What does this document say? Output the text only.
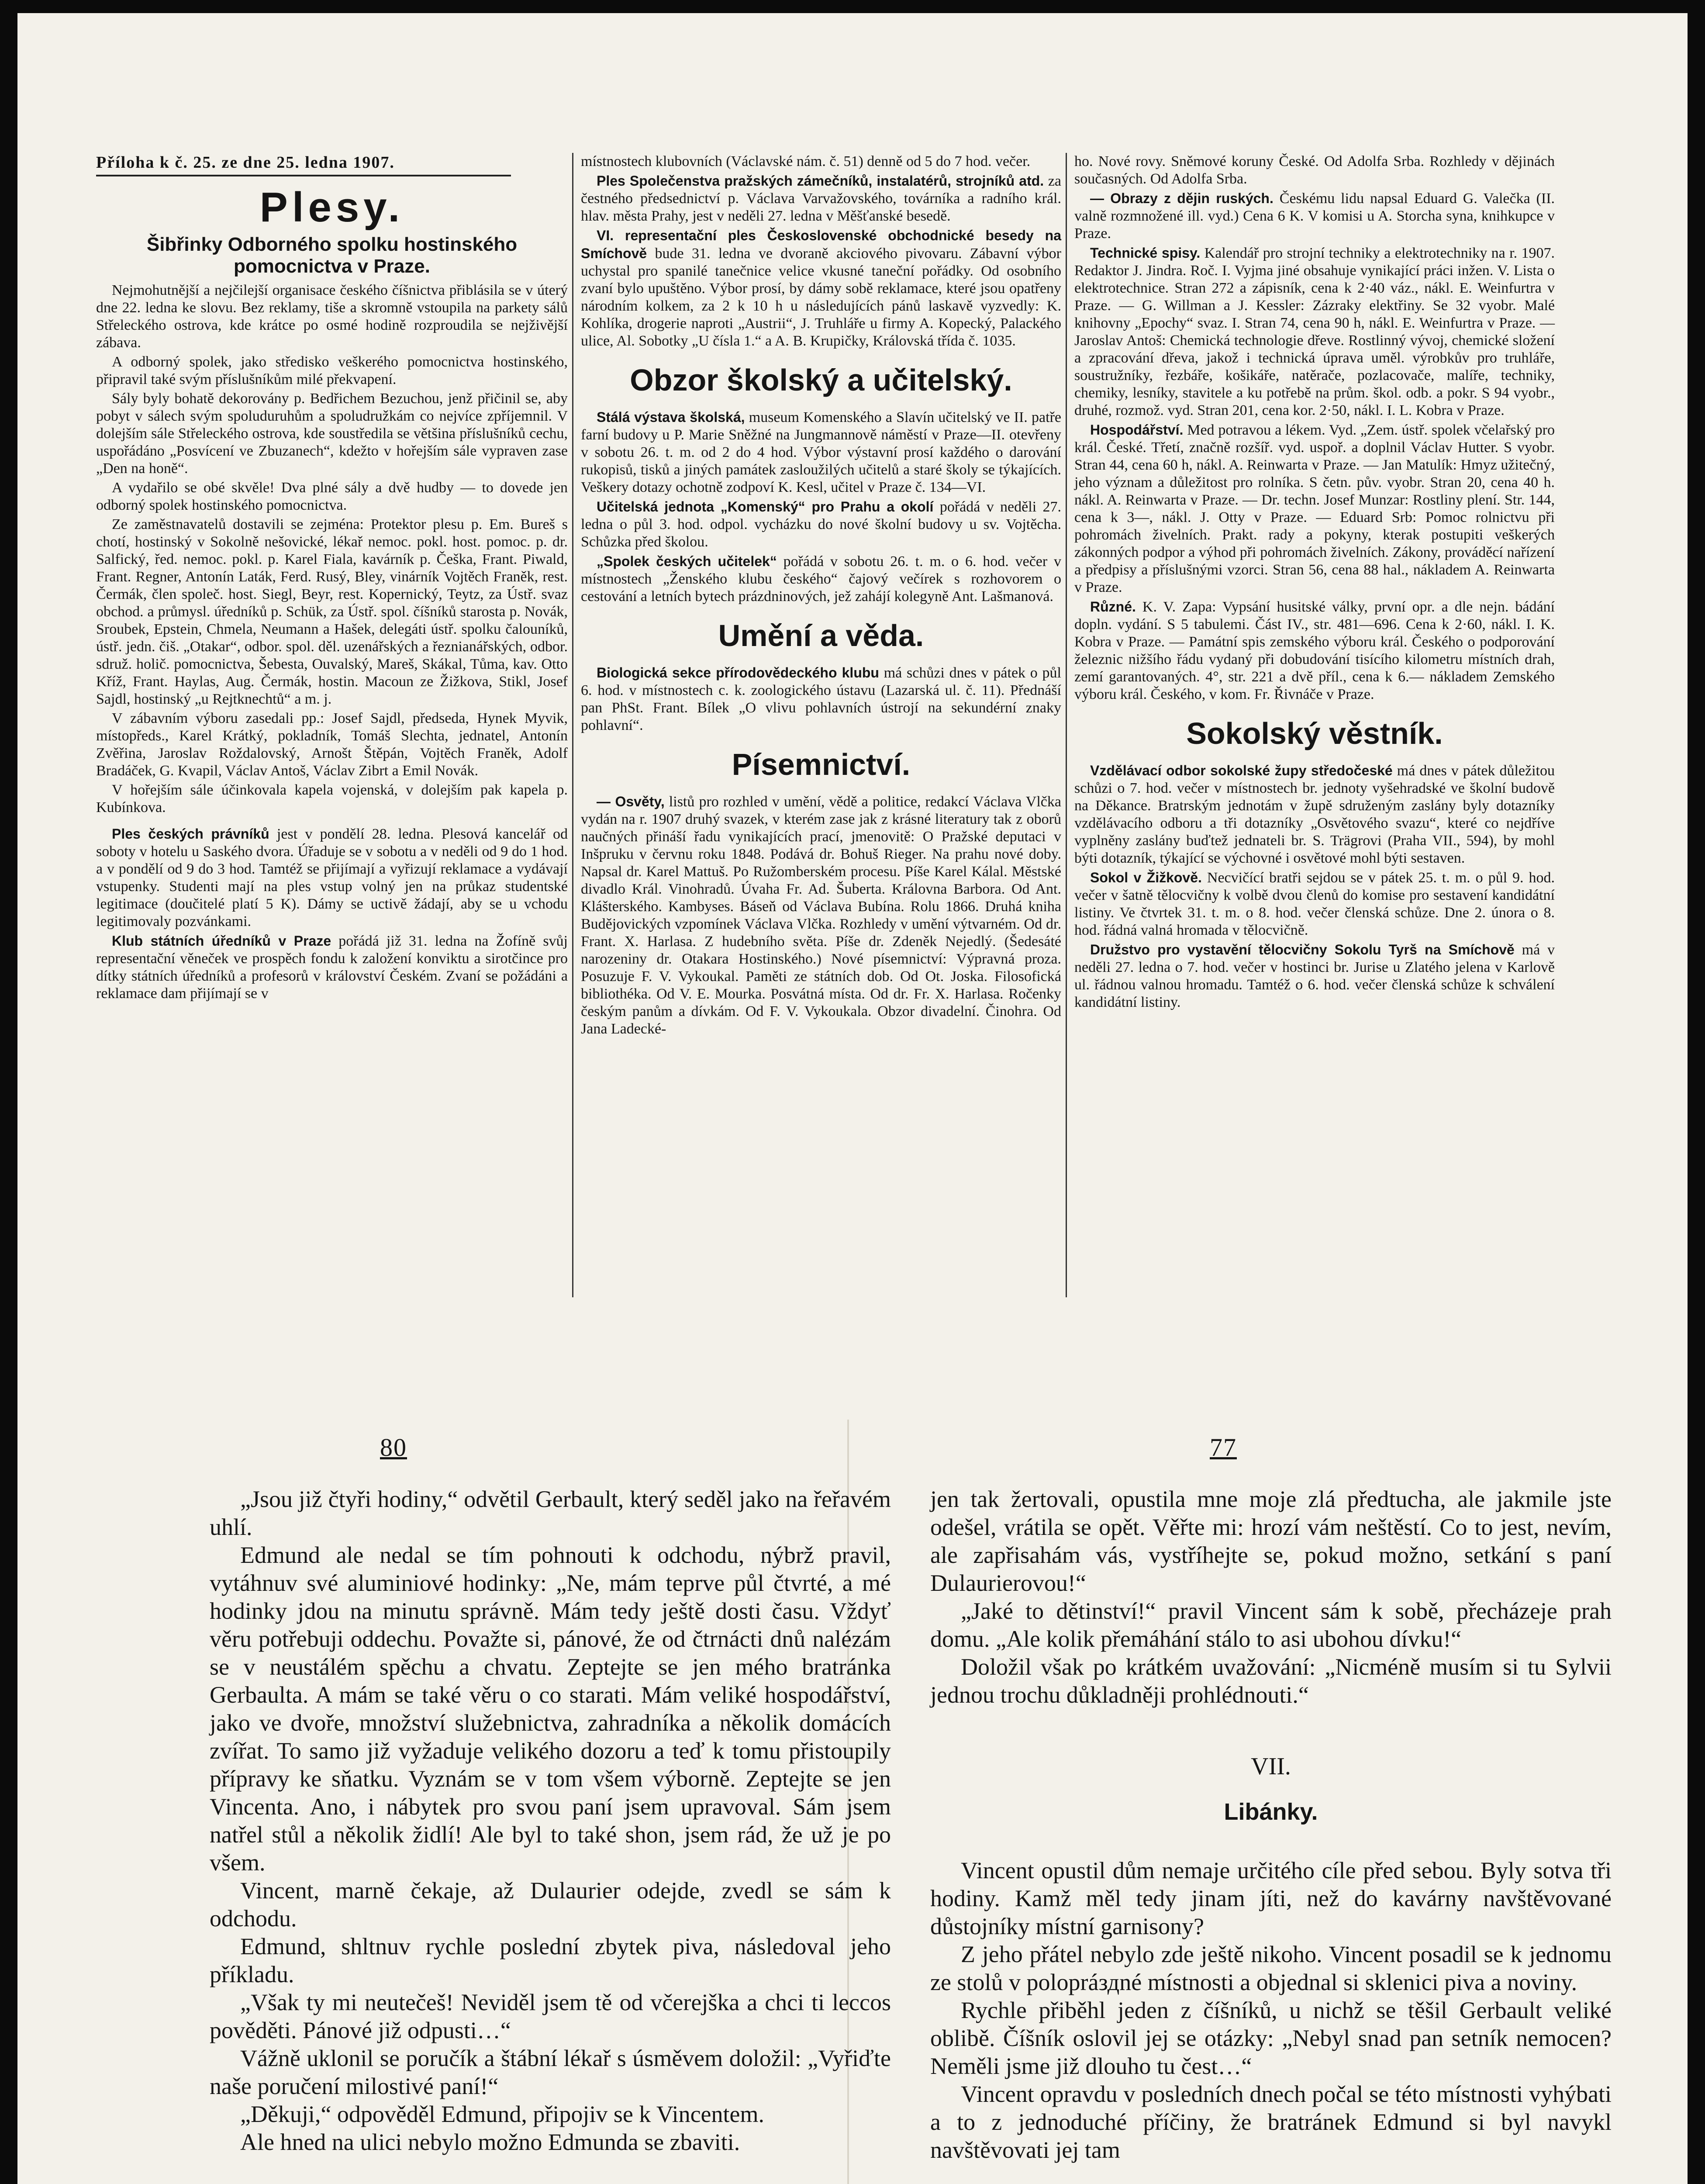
Příloha k č. 25. ze dne 25. ledna 1907.
Plesy.
Šibřinky Odborného spolku hostinského pomocnictva v Praze.

Nejmohutnější a nejčilejší organisace českého číšnictva přiblásila se v úterý dne 22. ledna ke slovu. Bez reklamy, tiše a skromně vstoupila na parkety sálů Střeleckého ostrova, kde krátce po osmé hodině rozproudila se nejživější zábava.

A odborný spolek, jako středisko veškerého pomocnictva hostinského, připravil také svým příslušníkům milé překvapení.

Sály byly bohatě dekorovány p. Bedřichem Bezuchou, jenž přičinil se, aby pobyt v sálech svým spoluduruhům a spoludružkám co nejvíce zpříjemnil. V dolejším sále Střeleckého ostrova, kde soustředila se většina příslušníků cechu, uspořádáno „Posvícení ve Zbuzanech“, kdežto v hořejším sále vypraven zase „Den na honě“.

A vydařilo se obé skvěle! Dva plné sály a dvě hudby — to dovede jen odborný spolek hostinského pomocnictva.

Ze zaměstnavatelů dostavili se zejména: Protektor plesu p. Em. Bureš s chotí, hostinský v Sokolně nešovické, lékař nemoc. pokl. host. pomoc. p. dr. Salfický, řed. nemoc. pokl. p. Karel Fiala, kavárník p. Češka, Frant. Piwald, Frant. Regner, Antonín Laták, Ferd. Rusý, Bley, vinárník Vojtěch Franěk, rest. Čermák, člen společ. host. Siegl, Beyr, rest. Kopernický, Teytz, za Ústř. svaz obchod. a průmysl. úředníků p. Schük, za Ústř. spol. číšníků starosta p. Novák, Sroubek, Epstein, Chmela, Neumann a Hašek, delegáti ústř. spolku čalouníků, ústř. jedn. čiš. „Otakar“, odbor. spol. děl. uzenářských a řeznianářských, odbor. sdruž. holič. pomocnictva, Šebesta, Ouvalský, Mareš, Skákal, Tůma, kav. Otto Kříž, Frant. Haylas, Aug. Čermák, hostin. Macoun ze Žižkova, Stikl, Josef Sajdl, hostinský „u Rejtknechtů“ a m. j.

V zábavním výboru zasedali pp.: Josef Sajdl, předseda, Hynek Myvik, místopředs., Karel Krátký, pokladník, Tomáš Slechta, jednatel, Antonín Zvěřina, Jaroslav Roždalovský, Arnošt Štěpán, Vojtěch Franěk, Adolf Bradáček, G. Kvapil, Václav Antoš, Václav Zibrt a Emil Novák.

V hořejším sále účinkovala kapela vojenská, v dolejším pak kapela p. Kubínkova.

Ples českých právníků jest v pondělí 28. ledna. Plesová kancelář od soboty v hotelu u Saského dvora. Úřaduje se v sobotu a v neděli od 9 do 1 hod. a v pondělí od 9 do 3 hod. Tamtéž se přijímají a vyřizují reklamace a vydávají vstupenky. Studenti mají na ples vstup volný jen na průkaz studentské legitimace (doučitelé platí 5 K). Dámy se uctivě žádají, aby se u vchodu legitimovaly pozvánkami.

Klub státních úředníků v Praze pořádá již 31. ledna na Žofíně svůj representační věneček ve prospěch fondu k založení konviktu a sirotčince pro dítky státních úředníků a profesorů v království Českém. Zvaní se požádáni a reklamace dam přijímají se v

místnostech klubovních (Václavské nám. č. 51) denně od 5 do 7 hod. večer.

Ples Společenstva pražských zámečníků, instalatérů, strojníků atd. za čestného předsednictví p. Václava Varvažovského, továrníka a radního král. hlav. města Prahy, jest v neděli 27. ledna v Měšťanské besedě.

VI. representační ples Československé obchodnické besedy na Smíchově bude 31. ledna ve dvoraně akciového pivovaru. Zábavní výbor uchystal pro spanilé tanečnice velice vkusné taneční pořádky. Od osobního zvaní bylo upuštěno. Výbor prosí, by dámy sobě reklamace, které jsou opatřeny národním kolkem, za 2 k 10 h u následujících pánů laskavě vyzvedly: K. Kohlíka, drogerie naproti „Austrii“, J. Truhláře u firmy A. Kopecký, Palackého ulice, Al. Sobotky „U čísla 1.“ a A. B. Krupičky, Královská třída č. 1035.

Obzor školský a učitelský.

Stálá výstava školská, museum Komenského a Slavín učitelský ve II. patře farní budovy u P. Marie Sněžné na Jungmannově náměstí v Praze—II. otevřeny v sobotu 26. t. m. od 2 do 4 hod. Výbor výstavní prosí každého o darování rukopisů, tisků a jiných památek zasloužilých učitelů a staré školy se týkajících. Veškery dotazy ochotně zodpoví K. Kesl, učitel v Praze č. 134—VI.

Učitelská jednota „Komenský“ pro Prahu a okolí pořádá v neděli 27. ledna o půl 3. hod. odpol. vycházku do nové školní budovy u sv. Vojtěcha. Schůzka před školou.

„Spolek českých učitelek“ pořádá v sobotu 26. t. m. o 6. hod. večer v místnostech „Ženského klubu českého“ čajový večírek s rozhovorem o cestování a letních bytech prázdninových, jež zahájí kolegyně Ant. Lašmanová.

Umění a věda.

Biologická sekce přírodovědeckého klubu má schůzi dnes v pátek o půl 6. hod. v místnostech c. k. zoologického ústavu (Lazarská ul. č. 11). Přednáší pan PhSt. Frant. Bílek „O vlivu pohlavních ústrojí na sekundérní znaky pohlavní“.

Písemnictví.

— Osvěty, listů pro rozhled v umění, vědě a politice, redakcí Václava Vlčka vydán na r. 1907 druhý svazek, v kterém zase jak z krásné literatury tak z oborů naučných přináší řadu vynikajících prací, jmenovitě: O Pražské deputaci v Inšpruku v červnu roku 1848. Podává dr. Bohuš Rieger. Na prahu nové doby. Napsal dr. Karel Mattuš. Po Ružomberském procesu. Píše Karel Kálal. Městské divadlo Král. Vinohradů. Úvaha Fr. Ad. Šuberta. Královna Barbora. Od Ant. Klášterského. Kambyses. Báseň od Václava Bubína. Rolu 1866. Druhá kniha Budějovických vzpomínek Václava Vlčka. Rozhledy v umění výtvarném. Od dr. Frant. X. Harlasa. Z hudebního světa. Píše dr. Zdeněk Nejedlý. (Šedesáté narozeniny dr. Otakara Hostinského.) Nové písemnictví: Výpravná proza. Posuzuje F. V. Vykoukal. Paměti ze státních dob. Od Ot. Joska. Filosofická bibliothéka. Od V. E. Mourka. Posvátná místa. Od dr. Fr. X. Harlasa. Ročenky českým panům a dívkám. Od F. V. Vykoukala. Obzor divadelní. Činohra. Od Jana Ladecké-

ho. Nové rovy. Sněmové koruny České. Od Adolfa Srba. Rozhledy v dějinách současných. Od Adolfa Srba.

— Obrazy z dějin ruských. Českému lidu napsal Eduard G. Valečka (II. valně rozmnožené ill. vyd.) Cena 6 K. V komisi u A. Storcha syna, knihkupce v Praze.

Technické spisy. Kalendář pro strojní techniky a elektrotechniky na r. 1907. Redaktor J. Jindra. Roč. I. Vyjma jiné obsahuje vynikající práci inžen. V. Lista o elektrotechnice. Stran 272 a zápisník, cena k 2·40 váz., nákl. E. Weinfurtra v Praze. — G. Willman a J. Kessler: Zázraky elektřiny. Se 32 vyobr. Malé knihovny „Epochy“ svaz. I. Stran 74, cena 90 h, nákl. E. Weinfurtra v Praze. — Jaroslav Antoš: Chemická technologie dřeve. Rostlinný vývoj, chemické složení a zpracování dřeva, jakož i technická úprava uměl. výrobkův pro truhláře, soustružníky, řezbáře, košikáře, natěrače, pozlacovače, malíře, techniky, chemiky, lesníky, stavitele a ku potřebě na prům. škol. odb. a pokr. S 94 vyobr., druhé, rozmož. vyd. Stran 201, cena kor. 2·50, nákl. I. L. Kobra v Praze.

Hospodářství. Med potravou a lékem. Vyd. „Zem. ústř. spolek včelařský pro král. České. Třetí, značně rozšíř. vyd. uspoř. a doplnil Václav Hutter. S vyobr. Stran 44, cena 60 h, nákl. A. Reinwarta v Praze. — Jan Matulík: Hmyz užitečný, jeho význam a důležitost pro rolníka. S četn. pův. vyobr. Stran 20, cena 40 h. nákl. A. Reinwarta v Praze. — Dr. techn. Josef Munzar: Rostliny plení. Str. 144, cena k 3—, nákl. J. Otty v Praze. — Eduard Srb: Pomoc rolnictvu při pohromách živelních. Prakt. rady a pokyny, kterak postupiti veškerých zákonných podpor a výhod při pohromách živelních. Zákony, prováděcí nařízení a předpisy a příslušnými vzorci. Stran 56, cena 88 hal., nákladem A. Reinwarta v Praze.

Různé. K. V. Zapa: Vypsání husitské války, první opr. a dle nejn. bádání dopln. vydání. S 5 tabulemi. Část IV., str. 481—696. Cena k 2·60, nákl. I. K. Kobra v Praze. — Památní spis zemského výboru král. Českého o podporování železnic nižšího řádu vydaný při dobudování tisícího kilometru místních drah, zemí garantovaných. 4°, str. 221 a dvě příl., cena k 6.— nákladem Zemského výboru král. Českého, v kom. Fr. Řivnáče v Praze.

Sokolský věstník.

Vzdělávací odbor sokolské župy středočeské má dnes v pátek důležitou schůzi o 7. hod. večer v místnostech br. jednoty vyšehradské ve školní budově na Děkance. Bratrským jednotám v župě sdruženým zaslány byly dotazníky vzdělávacího odboru a tři dotazníky „Osvětového svazu“, které co nejdříve vyplněny zaslány buďtež jednateli br. S. Trägrovi (Praha VII., 594), by mohl býti dotazník, týkající se výchovné i osvětové mohl býti sestaven.

Sokol v Žižkově. Necvičící bratři sejdou se v pátek 25. t. m. o půl 9. hod. večer v šatně tělocvičny k volbě dvou členů do komise pro sestavení kandidátní listiny. Ve čtvrtek 31. t. m. o 8. hod. večer členská schůze. Dne 2. února o 8. hod. řádná valná hromada v tělocvičně.

Družstvo pro vystavění tělocvičny Sokolu Tyrš na Smíchově má v neděli 27. ledna o 7. hod. večer v hostinci br. Jurise u Zlatého jelena v Karlově ul. řádnou valnou hromadu. Tamtéž o 6. hod. večer členská schůze k schválení kandidátní listiny.

80	77

„Jsou již čtyři hodiny,“ odvětil Gerbault, který seděl jako na řeřavém uhlí.

Edmund ale nedal se tím pohnouti k odchodu, nýbrž pravil, vytáhnuv své aluminiové hodinky: „Ne, mám teprve půl čtvrté, a mé hodinky jdou na minutu správně. Mám tedy ještě dosti času. Vždyť věru potřebuji oddechu. Považte si, pánové, že od čtrnácti dnů nalézám se v neustálém spěchu a chvatu. Zeptejte se jen mého bratránka Gerbaulta. A mám se také věru o co starati. Mám veliké hospodářství, jako ve dvoře, množství služebnictva, zahradníka a několik domácích zvířat. To samo již vyžaduje velikého dozoru a teď k tomu přistoupily přípravy ke sňatku. Vyznám se v tom všem výborně. Zeptejte se jen Vincenta. Ano, i nábytek pro svou paní jsem upravoval. Sám jsem natřel stůl a několik židlí! Ale byl to také shon, jsem rád, že už je po všem.

Vincent, marně čekaje, až Dulaurier odejde, zvedl se sám k odchodu.

Edmund, shltnuv rychle poslední zbytek piva, následoval jeho příkladu.

„Však ty mi neutečeš! Neviděl jsem tě od včerejška a chci ti leccos pověděti. Pánové již odpusti…“

Vážně uklonil se poručík a štábní lékař s úsměvem doložil: „Vyřiďte naše poručení milostivé paní!“

„Děkuji,“ odpověděl Edmund, připojiv se k Vincentem.

Ale hned na ulici nebylo možno Edmunda se zbaviti.

jen tak žertovali, opustila mne moje zlá předtucha, ale jakmile jste odešel, vrátila se opět. Věřte mi: hrozí vám neštěstí. Co to jest, nevím, ale zapřisahám vás, vystříhejte se, pokud možno, setkání s paní Dulaurierovou!“

„Jaké to dětinství!“ pravil Vincent sám k sobě, přecházeje prah domu. „Ale kolik přemáhání stálo to asi ubohou dívku!“

Doložil však po krátkém uvažování: „Nicméně musím si tu Sylvii jednou trochu důkladněji prohlédnouti.“

VII.
Libánky.

Vincent opustil dům nemaje určitého cíle před sebou. Byly sotva tři hodiny. Kamž měl tedy jinam jíti, než do kavárny navštěvované důstojníky místní garnisony?

Z jeho přátel nebylo zde ještě nikoho. Vincent posadil se k jednomu ze stolů v polopráздné místnosti a objednal si sklenici piva a noviny.

Rychle přiběhl jeden z číšníků, u nichž se těšil Gerbault veliké oblibě. Číšník oslovil jej se otázky: „Nebyl snad pan setník nemocen? Neměli jsme již dlouho tu čest…“

Vincent opravdu v posledních dnech počal se této místnosti vyhýbati a to z jednoduché příčiny, že bratránek Edmund si byl navykl navštěvovati jej tam
